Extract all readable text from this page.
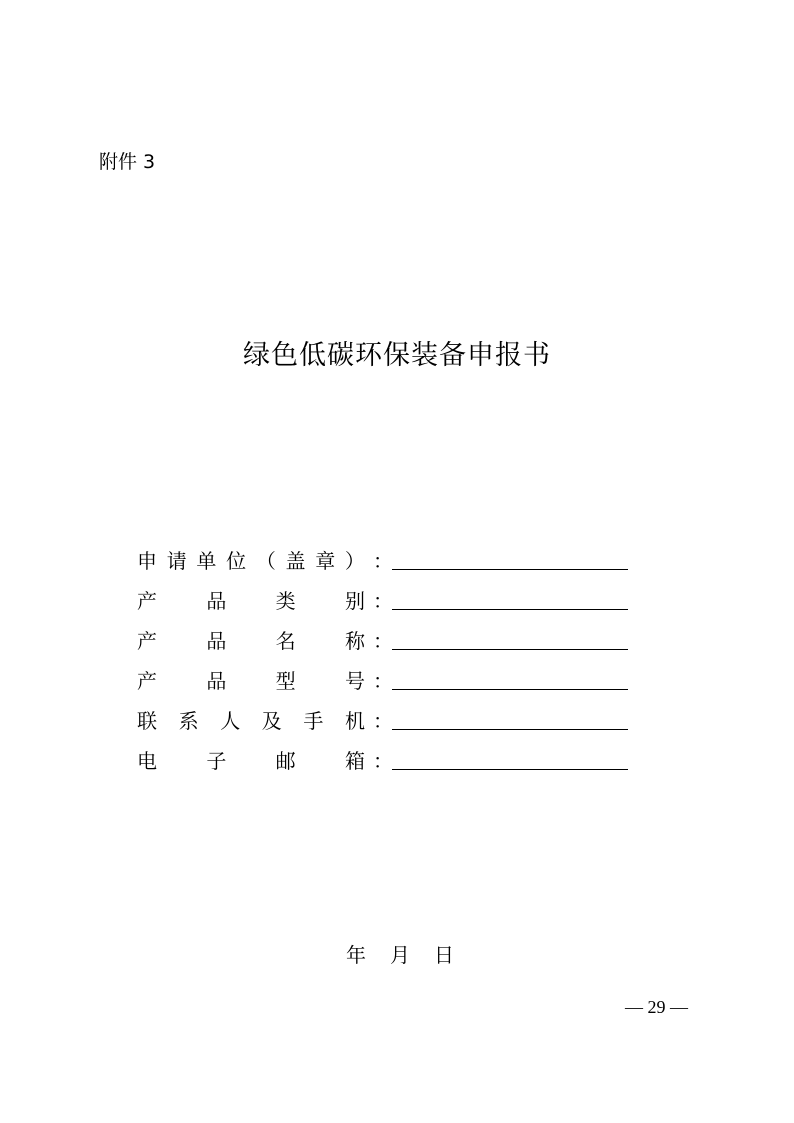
附件 3
绿色低碳环保装备申报书
申 请 单 位 （ 盖 章 ） ：
产 品 类 别 ：
产 品 名 称 ：
产 品 型 号 ：
联 系 人 及 手 机 ：
电 子 邮 箱 ：
年 月 日
— 29 —
